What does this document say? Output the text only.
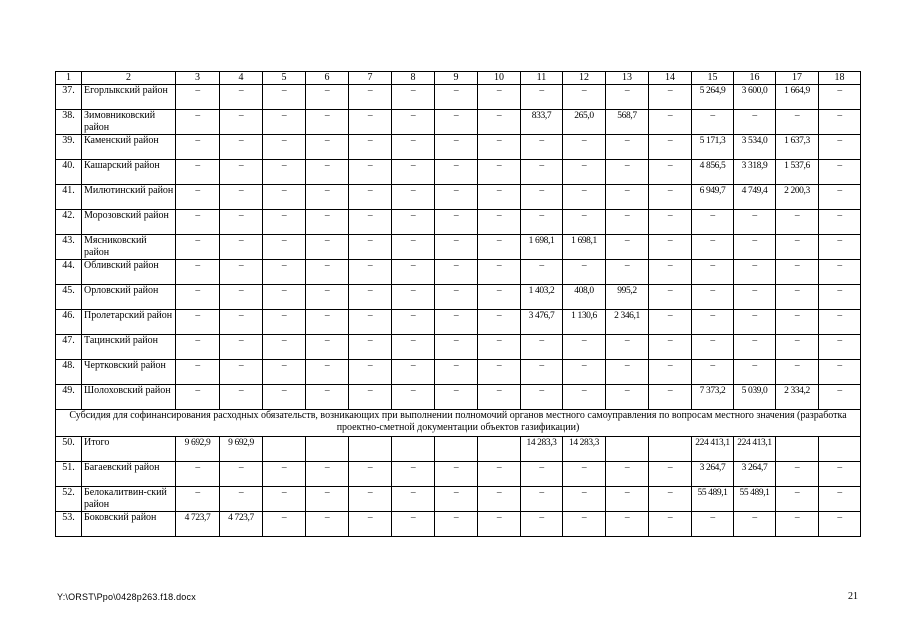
1	2	3	4	5	6	7	8	9	10	11	12	13	14	15	16	17	18
37.	Егорлыкский район	–	–	–	–	–	–	–	–	–	–	–	–	5 264,9	3 600,0	1 664,9	–
38.	Зимовниковский район	–	–	–	–	–	–	–	–	833,7	265,0	568,7	–	–	–	–	–
39.	Каменский район	–	–	–	–	–	–	–	–	–	–	–	–	5 171,3	3 534,0	1 637,3	–
40.	Кашарский район	–	–	–	–	–	–	–	–	–	–	–	–	4 856,5	3 318,9	1 537,6	–
41.	Милютинский район	–	–	–	–	–	–	–	–	–	–	–	–	6 949,7	4 749,4	2 200,3	–
42.	Морозовский район	–	–	–	–	–	–	–	–	–	–	–	–	–	–	–	–
43.	Мясниковский район	–	–	–	–	–	–	–	–	1 698,1	1 698,1	–	–	–	–	–	–
44.	Обливский район	–	–	–	–	–	–	–	–	–	–	–	–	–	–	–	–
45.	Орловский район	–	–	–	–	–	–	–	–	1 403,2	408,0	995,2	–	–	–	–	–
46.	Пролетарский район	–	–	–	–	–	–	–	–	3 476,7	1 130,6	2 346,1	–	–	–	–	–
47.	Тацинский район	–	–	–	–	–	–	–	–	–	–	–	–	–	–	–	–
48.	Чертковский район	–	–	–	–	–	–	–	–	–	–	–	–	–	–	–	–
49.	Шолоховский район	–	–	–	–	–	–	–	–	–	–	–	–	7 373,2	5 039,0	2 334,2	–
Субсидия для софинансирования расходных обязательств, возникающих при выполнении полномочий органов местного самоуправления по вопросам местного значения (разработка проектно-сметной документации объектов газификации)																	
50.	Итого	9 692,9	9 692,9							14 283,3	14 283,3			224 413,1	224 413,1		
51.	Багаевский район	–	–	–	–	–	–	–	–	–	–	–	–	3 264,7	3 264,7	–	–
52.	Белокалитвин-ский район	–	–	–	–	–	–	–	–	–	–	–	–	55 489,1	55 489,1	–	–
53.	Боковский район	4 723,7	4 723,7	–	–	–	–	–	–	–	–	–	–	–	–	–	–
Y:\ORST\Ppo\0428p263.f18.docx	21
